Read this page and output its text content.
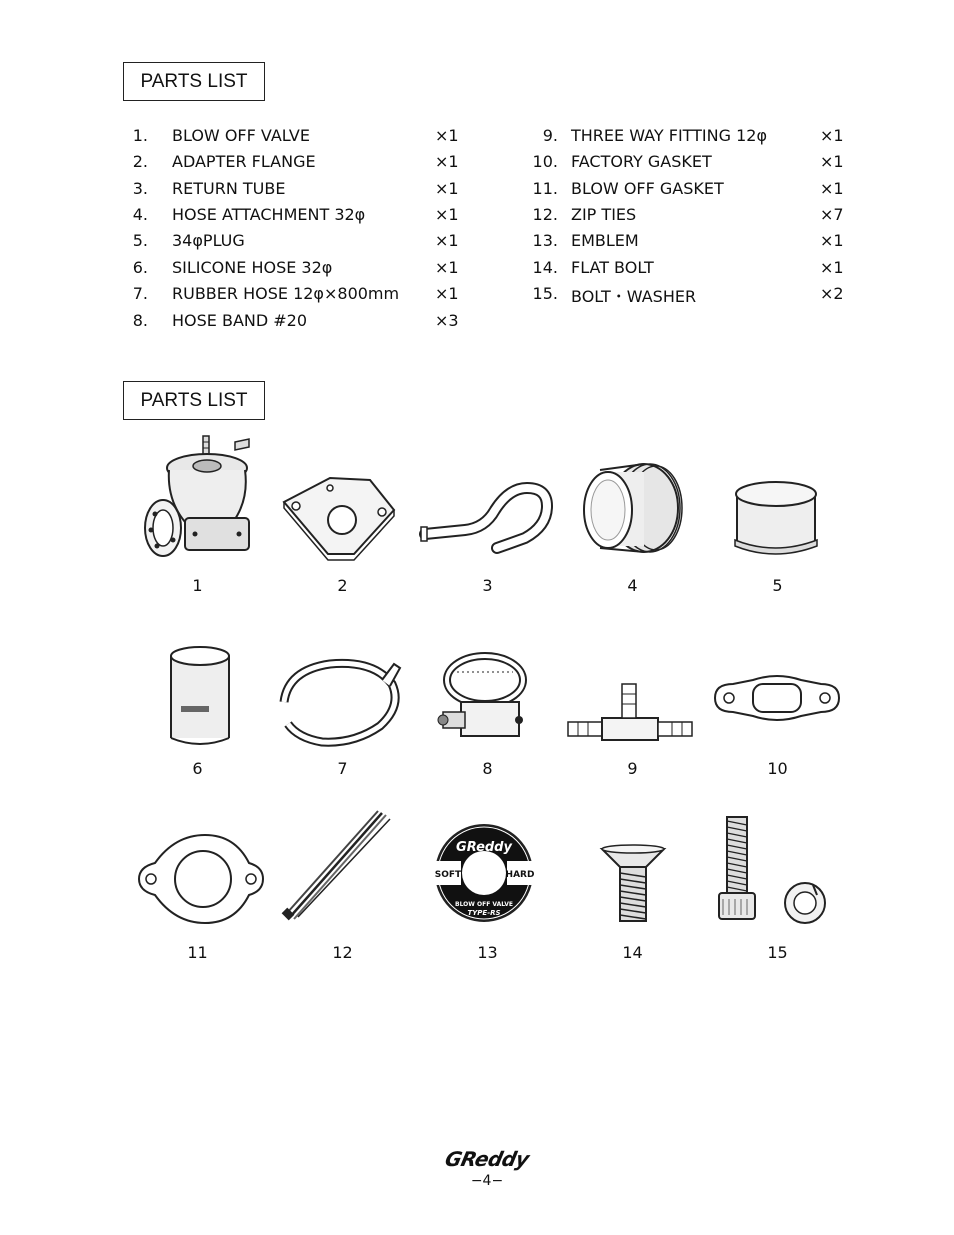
PARTS LIST
1. BLOW OFF VALVE	×1
2. ADAPTER FLANGE	×1
3. RETURN TUBE	×1
4. HOSE ATTACHMENT 32φ	×1
5. 34φPLUG	×1
6. SILICONE HOSE 32φ	×1
7. RUBBER HOSE 12φ×800mm ×1
8. HOSE BAND #20	×3
9. THREE WAY FITTING 12φ	×1
10. FACTORY GASKET	×1
11. BLOW OFF GASKET	×1
12. ZIP TIES	×7
13. EMBLEM	×1
14. FLAT BOLT	×1
15. BOLT・WASHER	×2
PARTS LIST
1	2	3	4	5
6	7	8	9	10
11	12
GReddy
SOFT	HARD
BLOW OFF VALVE
TYPE-RS
13	14	15
GReddy
−4−
